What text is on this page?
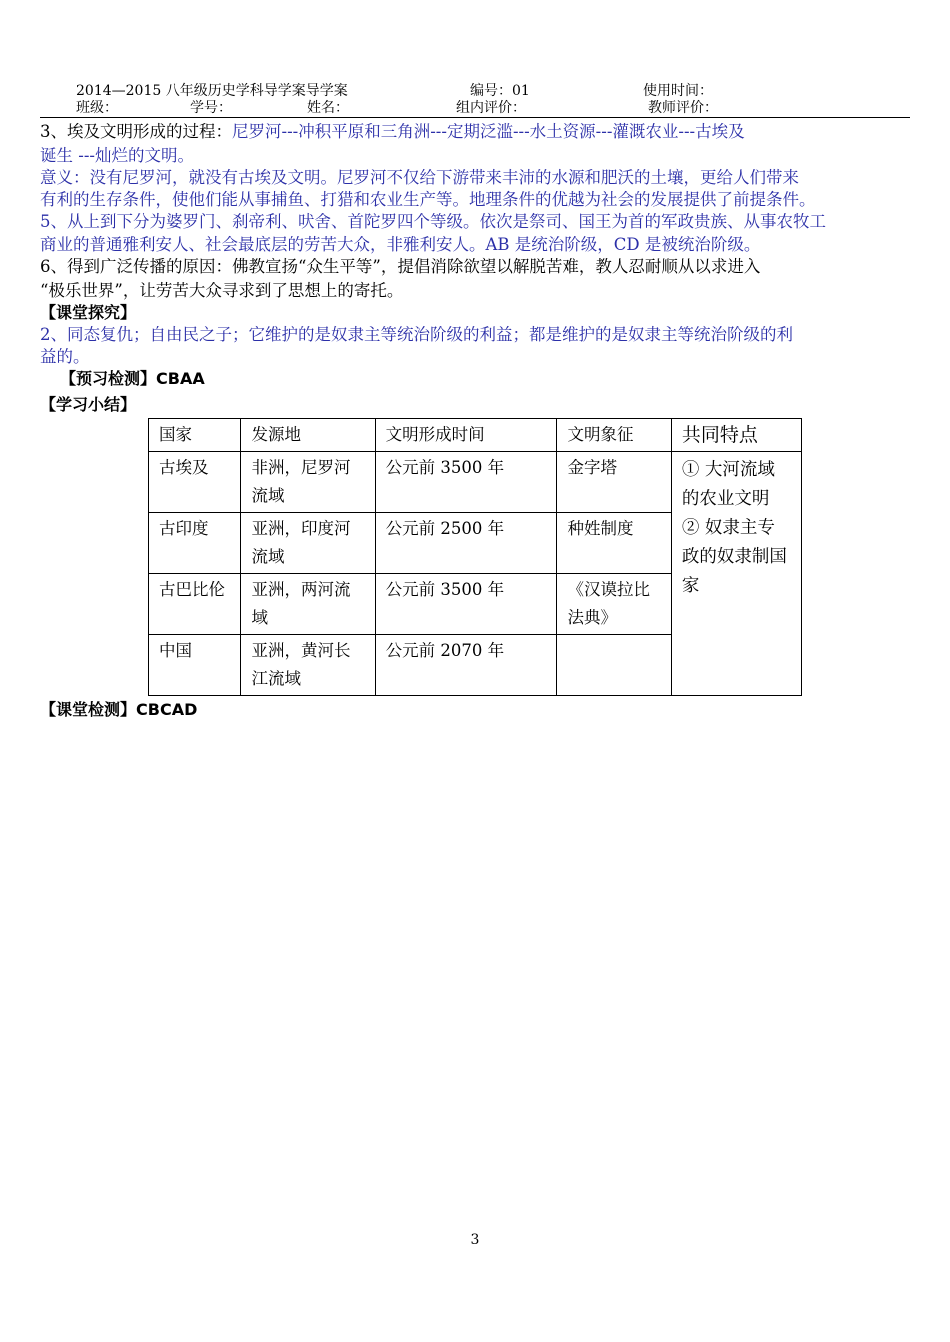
2014—2015 八年级历史学科导学案导学案	编号：01	使用时间：
班级：	学号：	姓名：	组内评价：	教师评价：
3、埃及文明形成的过程：尼罗河---冲积平原和三角洲---定期泛滥---水土资源---灌溉农业---古埃及
诞生 ---灿烂的文明。
意义：没有尼罗河，就没有古埃及文明。尼罗河不仅给下游带来丰沛的水源和肥沃的土壤，更给人们带来
有利的生存条件，使他们能从事捕鱼、打猎和农业生产等。地理条件的优越为社会的发展提供了前提条件。
5、从上到下分为婆罗门、刹帝利、吠舍、首陀罗四个等级。依次是祭司、国王为首的军政贵族、从事农牧工
商业的普通雅利安人、社会最底层的劳苦大众，非雅利安人。AB 是统治阶级，CD 是被统治阶级。
6、得到广泛传播的原因：佛教宣扬“众生平等”，提倡消除欲望以解脱苦难，教人忍耐顺从以求进入
“极乐世界”，让劳苦大众寻求到了思想上的寄托。
【课堂探究】
2、同态复仇；自由民之子；它维护的是奴隶主等统治阶级的利益；都是维护的是奴隶主等统治阶级的利
益的。
【预习检测】CBAA
【学习小结】
国家	发源地	文明形成时间	文明象征	共同特点
古埃及	非洲，尼罗河流域	公元前 3500 年	金字塔	① 大河流域的农业文明 ② 奴隶主专政的奴隶制国家
古印度	亚洲，印度河流域	公元前 2500 年	种姓制度	
古巴比伦	亚洲，两河流域	公元前 3500 年	《汉谟拉比法典》	
中国	亚洲，黄河长江流域	公元前 2070 年		
【课堂检测】CBCAD
3
